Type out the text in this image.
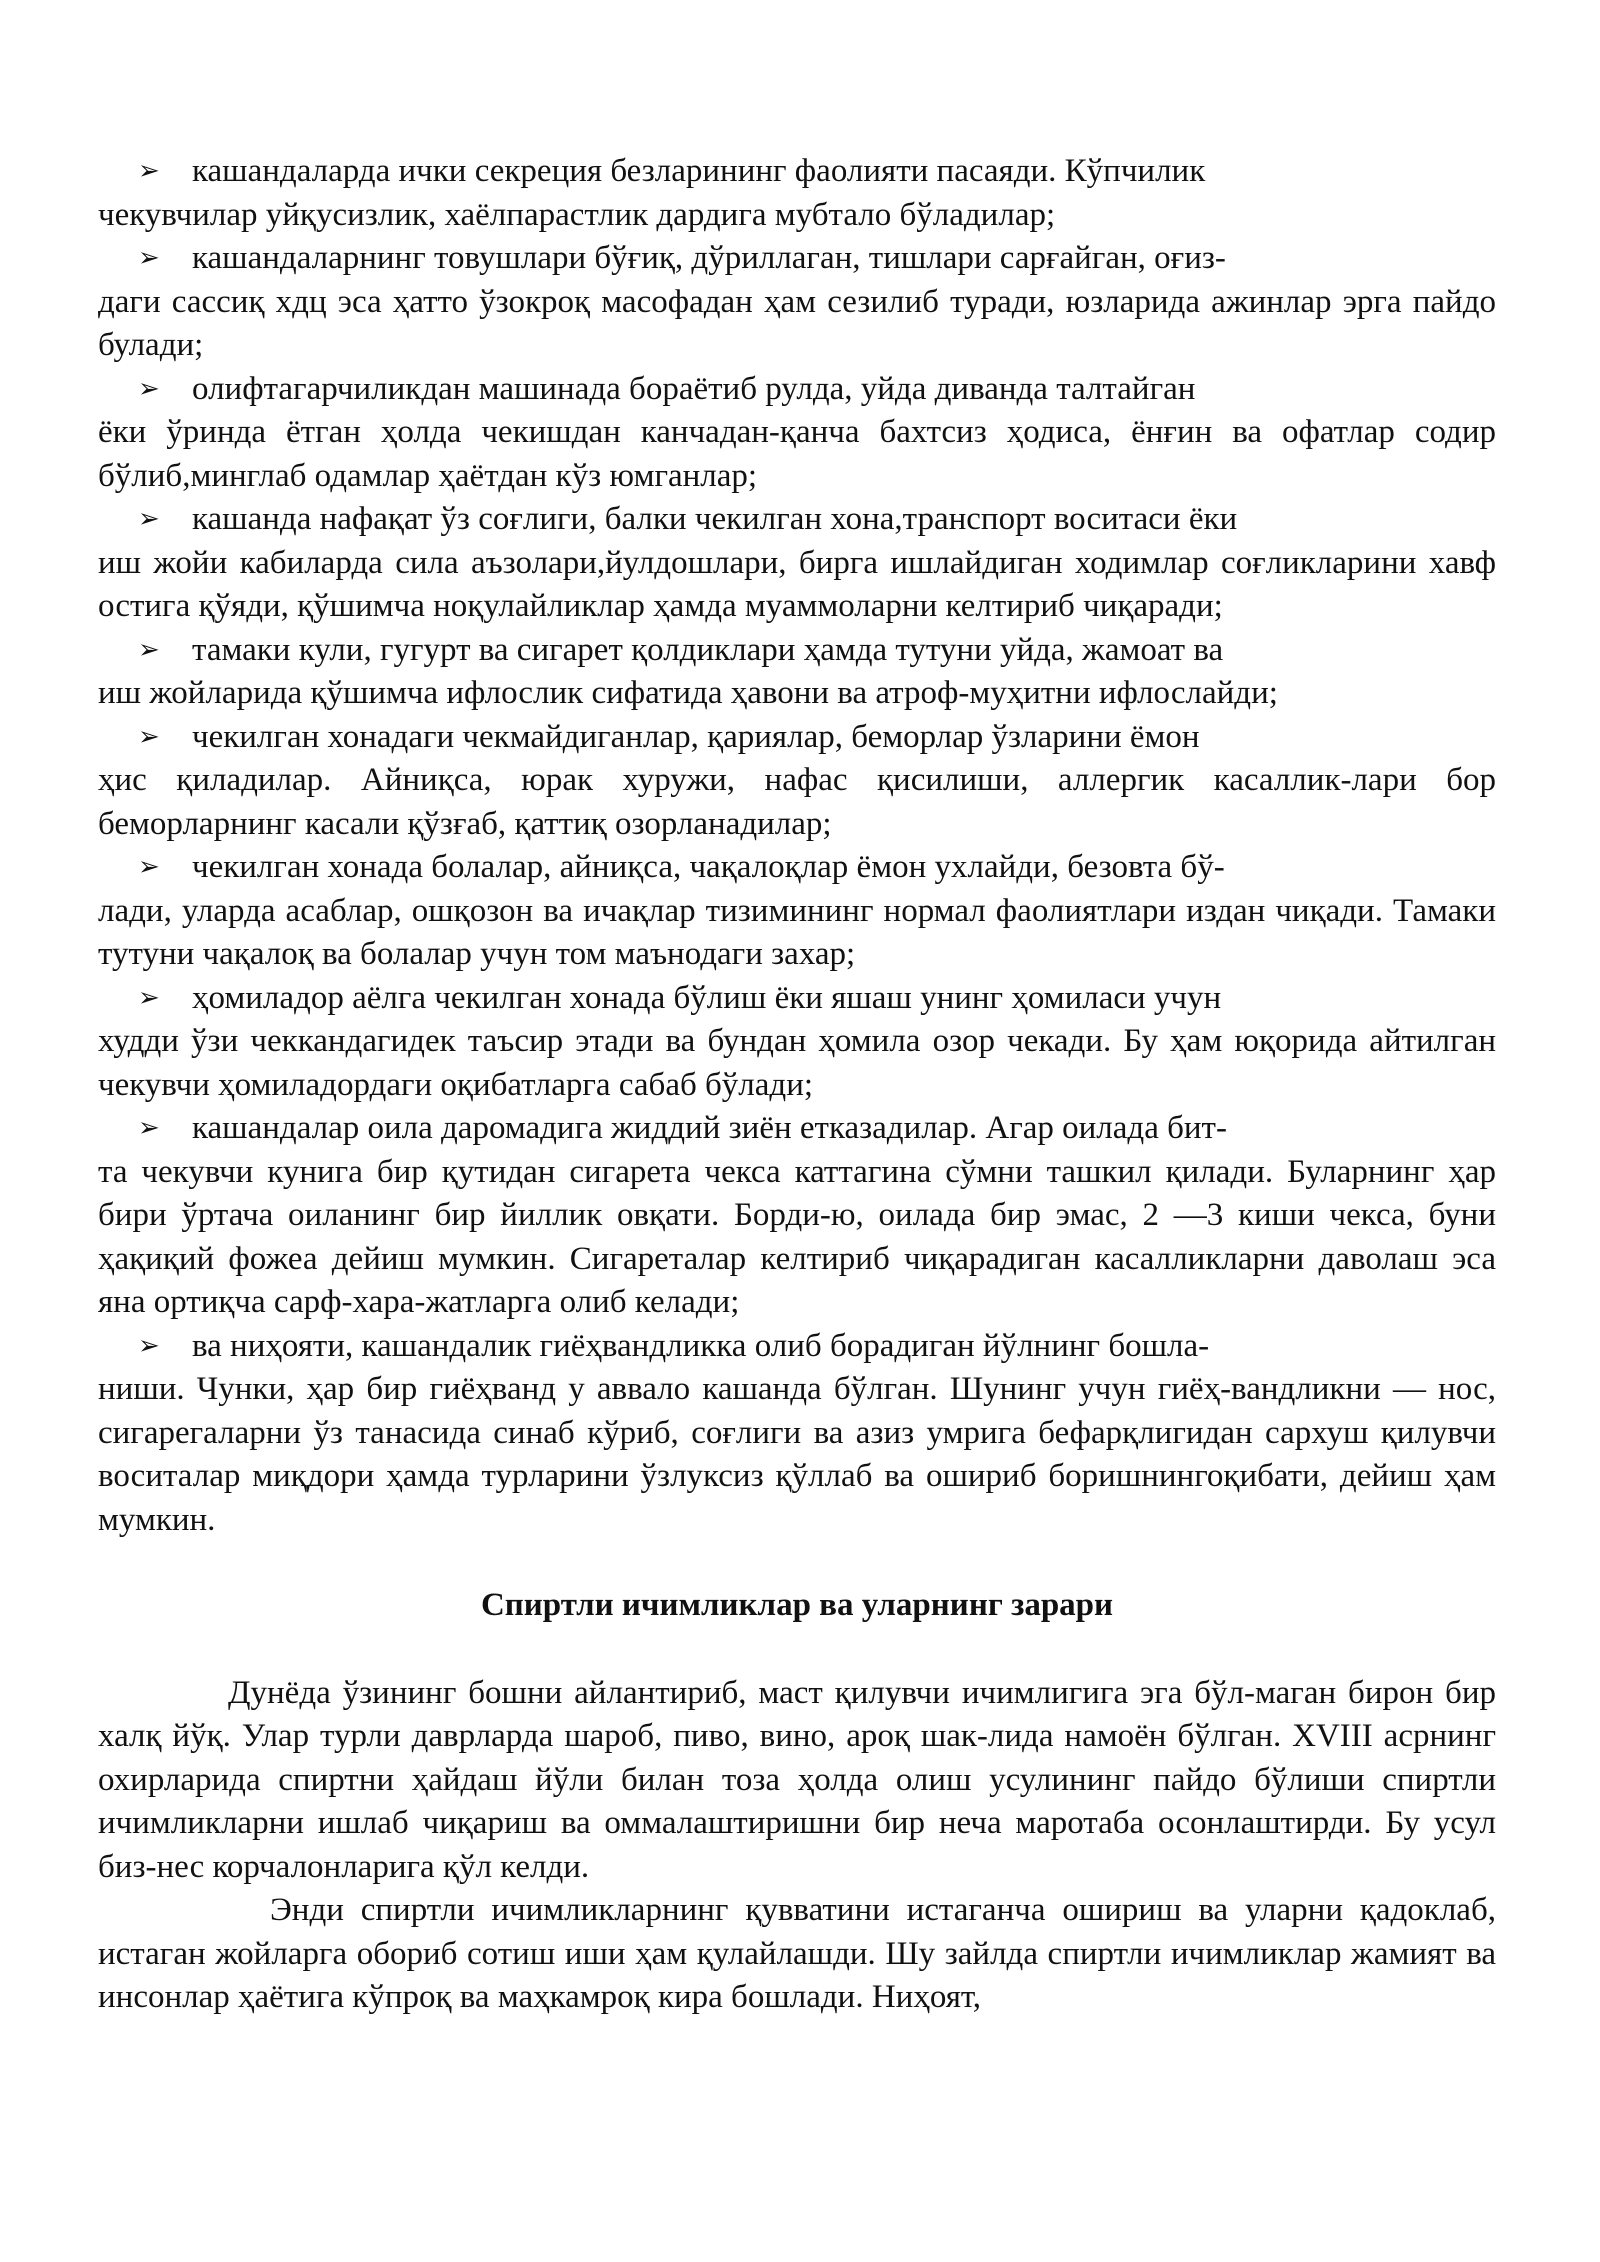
➢ кашандаларда ички секреция безларининг фаолияти пасаяди. Кўпчилик
чекувчилар уйқусизлик, хаёлпарастлик дардига мубтало бўладилар;
➢ кашандаларнинг товушлари бўғиқ, дўриллаган, тишлари сарғайган, оғиз-
даги сассиқ хдц эса ҳатто ўзокроқ масофадан ҳам сезилиб туради, юзларида ажинлар эрга пайдо булади;
➢ олифтагарчиликдан машинада бораётиб рулда, уйда диванда талтайган
ёки ўринда ётган ҳолда чекишдан канчадан-қанча бахтсиз ҳодиса, ёнғин ва офатлар содир бўлиб,минглаб одамлар ҳаётдан кўз юмганлар;
➢ кашанда нафақат ўз соғлиги, балки чекилган хона,транспорт воситаси ёки
иш жойи кабиларда сила аъзолари,йулдошлари, бирга ишлайдиган ходимлар соғликларини хавф остига қўяди, қўшимча ноқулайликлар ҳамда муаммоларни келтириб чиқаради;
➢ тамаки кули, гугурт ва сигарет қолдиклари ҳамда тутуни уйда, жамоат ва
иш жойларида қўшимча ифлослик сифатида ҳавони ва атроф-муҳитни ифлослайди;
➢ чекилган хонадаги чекмайдиганлар, қариялар, беморлар ўзларини ёмон
ҳис қиладилар. Айниқса, юрак хуружи, нафас қисилиши, аллергик касаллик-лари бор беморларнинг касали қўзғаб, қаттиқ озорланадилар;
➢ чекилган хонада болалар, айниқса, чақалоқлар ёмон ухлайди, безовта бў-
лади, уларда асаблар, ошқозон ва ичақлар тизимининг нормал фаолиятлари издан чиқади. Тамаки тутуни чақалоқ ва болалар учун том маънодаги захар;
➢ ҳомиладор аёлга чекилган хонада бўлиш ёки яшаш унинг ҳомиласи учун
худди ўзи чеккандагидек таъсир этади ва бундан ҳомила озор чекади. Бу ҳам юқорида айтилган чекувчи ҳомиладордаги оқибатларга сабаб бўлади;
➢ кашандалар оила даромадига жиддий зиён етказадилар. Агар оилада бит-
та чекувчи кунига бир қутидан сигарета чекса каттагина сўмни ташкил қилади. Буларнинг ҳар бири ўртача оиланинг бир йиллик овқати. Борди-ю, оилада бир эмас, 2 —3 киши чекса, буни ҳақиқий фожеа дейиш мумкин. Сигареталар келтириб чиқарадиган касалликларни даволаш эса яна ортиқча сарф-хара-жатларга олиб келади;
➢ ва ниҳояти, кашандалик гиёҳвандликка олиб борадиган йўлнинг бошла-
ниши. Чунки, ҳар бир гиёҳванд у аввало кашанда бўлган. Шунинг учун гиёҳ-вандликни — нос, сигарегаларни ўз танасида синаб кўриб, соғлиги ва азиз умрига бефарқлигидан сархуш қилувчи воситалар миқдори ҳамда турларини ўзлуксиз қўллаб ва ошириб боришнингоқибати, дейиш ҳам мумкин.
Спиртли ичимликлар ва уларнинг зарари

Дунёда ўзининг бошни айлантириб, маст қилувчи ичимлигига эга бўл-маган бирон бир халқ йўқ. Улар турли даврларда шароб, пиво, вино, ароқ шак-лида намоён бўлган. XVIII асрнинг охирларида спиртни ҳайдаш йўли билан тоза ҳолда олиш усулининг пайдо бўлиши спиртли ичимликларни ишлаб чиқариш ва оммалаштиришни бир неча маротаба осонлаштирди. Бу усул биз-нес корчалонларига қўл келди.

Энди спиртли ичимликларнинг қувватини истаганча ошириш ва уларни қадоклаб, истаган жойларга обориб сотиш иши ҳам қулайлашди. Шу зайлда спиртли ичимликлар жамият ва инсонлар ҳаётига кўпроқ ва маҳкамроқ кира бошлади. Ниҳоят,
